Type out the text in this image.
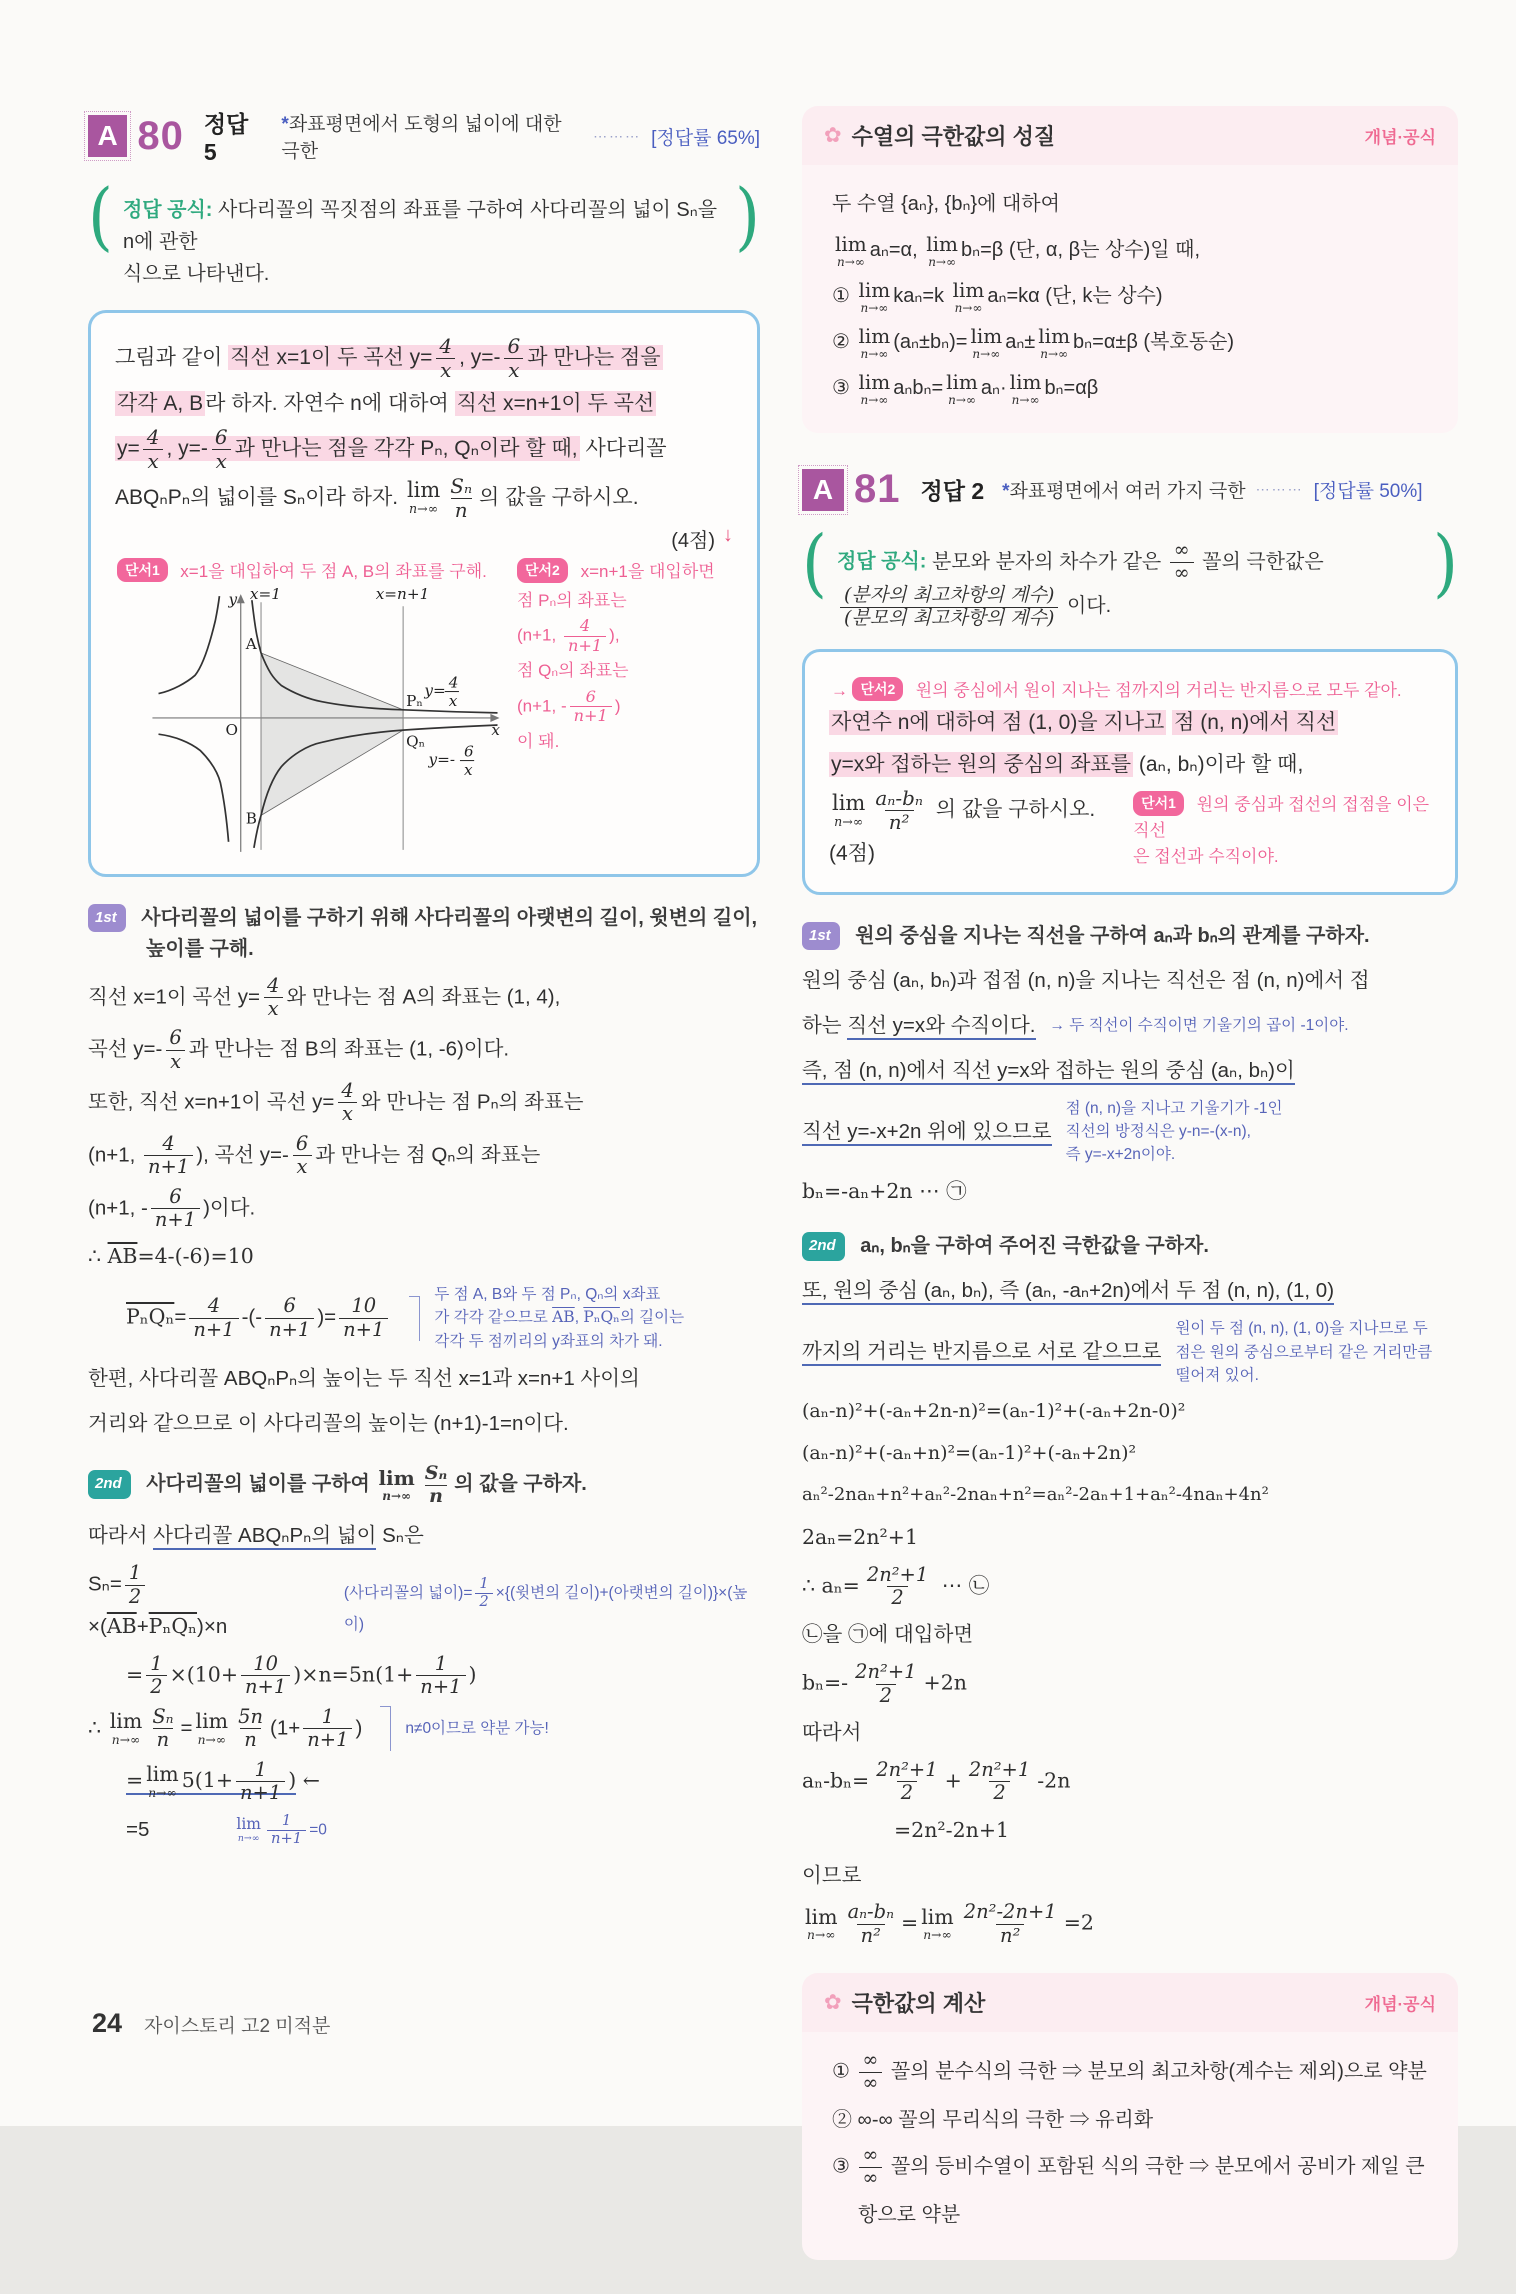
A 80 정답 5
*좌표평면에서 도형의 넓이에 대한 극한
⋯⋯⋯ [정답률 65%]
( 정답 공식: 사다리꼴의 꼭짓점의 좌표를 구하여 사다리꼴의 넓이 Sₙ을 n에 관한
식으로 나타낸다.
)
그림과 같이 직선 x=1이 두 곡선 $y= \frac{4}{x}$ , $y=- \frac{6}{x}$ 과 만나는 점을
각각 A, B라 하자. 자연수 n에 대하여 직선 x=n+1이 두 곡선
$y= \frac{4}{x}$ , $y=- \frac{6}{x}$ 과 만나는 점을 각각 Pₙ, Qₙ이라 할 때, 사다리꼴
ABQₙPₙ의 넓이를 Sₙ이라 하자. lim
$n\to\infty \frac{\text{Sₙ}}{n}$ 의 값을 구하시오.
(4점) ↓
단서1 x=1을 대입하여 두 점 A, B의 좌표를 구해.
y x=1	x=n+1
x
O
A
B
Pₙ
Qₙ
y= 4
x
y=- 6
x
단서2 x=n+1을 대입하면
점 Pₙ의 좌표는
(n+1, $\frac{4}{n+1}$ ),
점 Qₙ의 좌표는
(n+1, - $\frac{6}{n+1}$ )
이 돼.
1st 사다리꼴의 넓이를 구하기 위해 사다리꼴의 아랫변의 길이, 윗변의 길이,
높이를 구해.
직선 x=1이 곡선 $y= \frac{4}{x}$ 와 만나는 점 A의 좌표는 (1, 4),
곡선 $y=- \frac{6}{x}$ 과 만나는 점 B의 좌표는 (1, -6)이다.
또한, 직선 x=n+1이 곡선 $y= \frac{4}{x}$ 와 만나는 점 Pₙ의 좌표는
(n+1, $\frac{4}{n+1}$ ), 곡선 $y=- \frac{6}{x}$ 과 만나는 점 Qₙ의 좌표는
(n+1, - $\frac{6}{n+1}$ )이다.
∴ $\overline{AB}=4-(-6)=10$
$P_nQ_n= \frac{4}{n+1}$ -(- $\frac{6}{n+1}$ )= $\frac{10}{n+1}$
두 점 A, B와 두 점 Pₙ, Qₙ의 x좌표
가 각각 같으므로 $\overline{AB}$, PₙQₙ의 길이는
각각 두 점끼리의 y좌표의 차가 돼.
한편, 사다리꼴 ABQₙPₙ의 높이는 두 직선 x=1과 x=n+1 사이의
거리와 같으므로 이 사다리꼴의 높이는 (n+1)-1=n이다.
2nd 사다리꼴의 넓이를 구하여 lim
$n\to\infty \frac{\text{Sₙ}}{n}$ 의 값을 구하자.
따라서 사다리꼴 ABQₙPₙ의 넓이 Sₙ은
$S_n= \frac{1}{2}$
$\times(\overline{AB}+P_nQ_n)\times n$
(사다리꼴의 넓이)= $\frac{1}{2}$ ×{(윗변의 길이)+(아랫변의 길이)}×(높이)
= $\frac{1}{2} \times(10+ \frac{10}{n+1} )\times n=5n(1+ \frac{1}{n+1}$ )
∴ lim
$n\to\infty \frac{\text{Sₙ}}{n} = \lim$
$n\to\infty \frac{5n}{n} (1+ \frac{1}{n+1}$ )	n≠0이므로 약분 가능!
= lim
n→∞
$5(1+ \frac{1}{n+1}$ ) ←
=5	lim
$n\to\infty \frac{1}{n+1} =0$
✿ 수열의 극한값의 성질	개념·공식
두 수열 {aₙ}, {bₙ}에 대하여
lim
n→∞
aₙ=α, lim
n→∞
bₙ=β (단, α, β는 상수)일 때,
① lim
n→∞
kaₙ=k lim
n→∞
aₙ=kα (단, k는 상수)
② lim
n→∞
(aₙ±bₙ)= lim
n→∞
aₙ± lim
n→∞
bₙ=α±β (복호동순)
③ lim
n→∞
aₙbₙ= lim
n→∞
aₙ· lim
n→∞
bₙ=αβ
A 81 정답 2 *좌표평면에서 여러 가지 극한 ⋯⋯⋯ [정답률 50%]
( 정답 공식: 분모와 분자의 차수가 같은 $\frac{\infty}{\infty}$ 꼴의 극한값은

$\frac{\text{(분자의 최고차항의 계수)}}{\text{(분모의 최고차항의 계수)}}$ 이다.
)
→ 단서2 원의 중심에서 원이 지나는 점까지의 거리는 반지름으로 모두 같아.
자연수 n에 대하여 점 (1, 0)을 지나고 점 (n, n)에서 직선
y=x와 접하는 원의 중심의 좌표를 (aₙ, bₙ)이라 할 때,
lim
$n\to\infty \frac{\text{aₙ-bₙ}}{\text{n²}}$ 의 값을 구하시오. (4점)
단서1 원의 중심과 접선의 접점을 이은 직선
은 접선과 수직이야.
1st 원의 중심을 지나는 직선을 구하여 aₙ과 bₙ의 관계를 구하자.
원의 중심 (aₙ, bₙ)과 접점 (n, n)을 지나는 직선은 점 (n, n)에서 접
하는 직선 y=x와 수직이다. → 두 직선이 수직이면 기울기의 곱이 -1이야.
즉, 점 (n, n)에서 직선 y=x와 접하는 원의 중심 (aₙ, bₙ)이
직선 y=-x+2n 위에 있으므로
점 (n, n)을 지나고 기울기가 -1인
직선의 방정식은 y-n=-(x-n),
즉 y=-x+2n이야.
bₙ=-aₙ+2n ⋯ ㉠
2nd aₙ, bₙ을 구하여 주어진 극한값을 구하자.
또, 원의 중심 (aₙ, bₙ), 즉 (aₙ, -aₙ+2n)에서 두 점 (n, n), (1, 0)
까지의 거리는 반지름으로 서로 같으므로
원이 두 점 (n, n), (1, 0)을 지나므로 두
점은 원의 중심으로부터 같은 거리만큼
떨어져 있어.
(aₙ-n)²+(-aₙ+2n-n)²=(aₙ-1)²+(-aₙ+2n-0)²
(aₙ-n)²+(-aₙ+n)²=(aₙ-1)²+(-aₙ+2n)²
aₙ²-2naₙ+n²+aₙ²-2naₙ+n²=aₙ²-2aₙ+1+aₙ²-4naₙ+4n²
2aₙ=2n²+1
∴ $a_n= \frac{\text{2n²+1}}{2}$ ⋯ ㉡
㉡을 ㉠에 대입하면
$b_n=- \frac{\text{2n²+1}}{2} +2n$
따라서
$a_n-b_n= \frac{\text{2n²+1}}{2} + \frac{\text{2n²+1}}{2} -2n$
=2n²-2n+1
이므로
lim
$n\to\infty \frac{\text{aₙ-bₙ}}{\text{n²}} = \lim$
$n\to\infty \frac{\text{2n²-2n+1}}{\text{n²}} =2$
✿ 극한값의 계산	개념·공식
① $\frac{\infty}{\infty}$ 꼴의 분수식의 극한 ⇒ 분모의 최고차항(계수는 제외)으로 약분
② ∞-∞ 꼴의 무리식의 극한 ⇒ 유리화
③ $\frac{\infty}{\infty}$ 꼴의 등비수열이 포함된 식의 극한 ⇒ 분모에서 공비가 제일 큰
항으로 약분
24 자이스토리 고2 미적분
